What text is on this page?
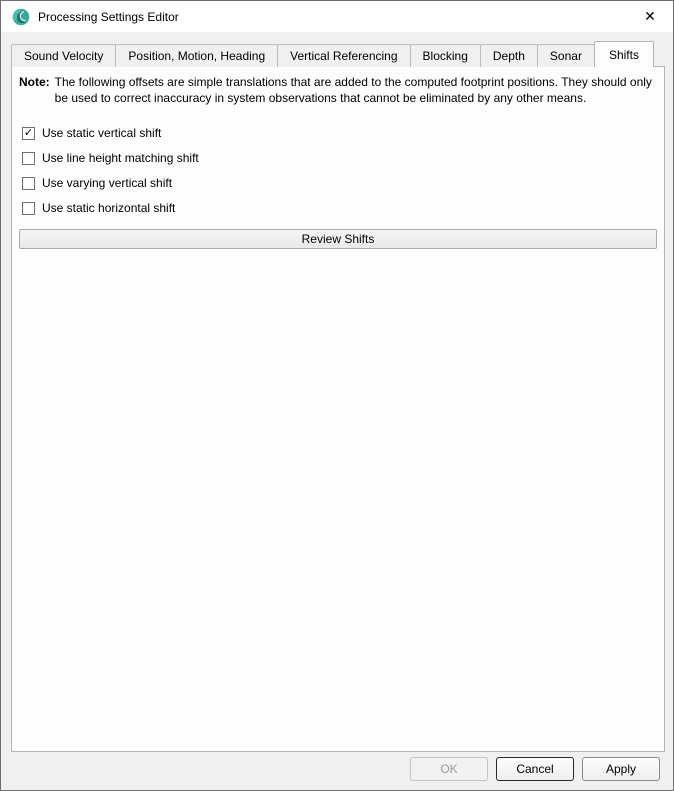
Processing Settings Editor	✕
Sound Velocity	Position, Motion, Heading	Vertical Referencing	Blocking	Depth	Sonar	Shifts
Note: The following offsets are simple translations that are added to the computed footprint positions. They should only be used to correct inaccuracy in system observations that cannot be eliminated by any other means.
✓ Use static vertical shift
Use line height matching shift
Use varying vertical shift
Use static horizontal shift
Review Shifts
OK	Cancel	Apply
